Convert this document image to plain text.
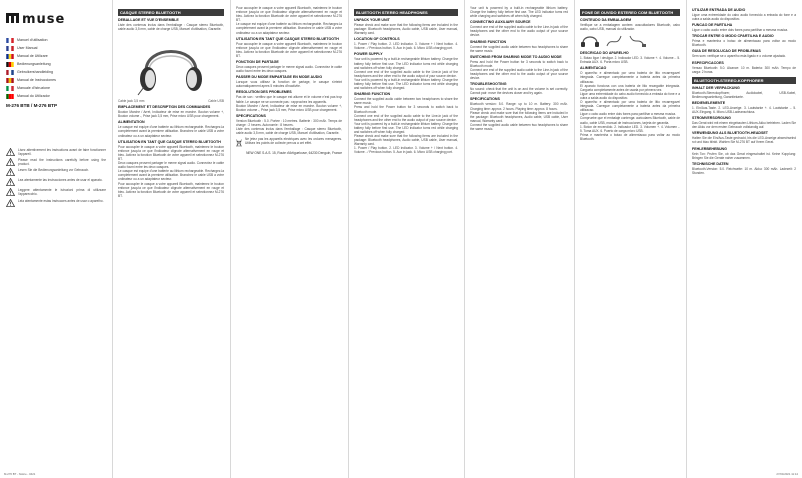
muse
Manuel d'utilisation
User Manual
Manual de Utilizare
Bedienungsanleitung
Gebruikershandleiding
Manual de Instrucciones
Manuale d'Istruzione
Manual do Utilizador
M-276 BTB / M-276 BTP
Lisez attentivement les instructions avant de faire fonctionner l'appareil.
Please read the instructions carefully before using the product.
Lesen Sie die Bedienungsanleitung vor Gebrauch.
Lea atentamente las instrucciones antes de usar el aparato.
Leggere attentamente le istruzioni prima di utilizzare l'apparecchio.
Leia atentamente estas instrucoes antes de usar o aparelho.
CASQUE STEREO BLUETOOTH
DEBALLAGE ET VUE D'ENSEMBLE
Liste des contenus inclus dans l'emballage : Casque stereo Bluetooth, cable audio 3,5 mm, cable de charge USB, Manuel d'utilisation, Garantie.
Cable jack 3,5 mm	Cable USB
EMPLACEMENT ET DESCRIPTION DES COMMANDES
Bouton Marche / Arret, Indicateur de mise en marche. Bouton volume +, Bouton volume -, Prise jack 3,5 mm, Prise micro USB pour chargement.
ALIMENTATION
Le casque est equipe d'une batterie au lithium rechargeable. Rechargez-la completement avant la premiere utilisation. Branchez le cable USB a votre ordinateur ou a un adaptateur secteur.
UTILISATION EN TANT QUE CASQUE STEREO BLUETOOTH
Pour accoupler le casque a votre appareil Bluetooth, maintenez le bouton enfonce jusqu'a ce que l'indicateur clignote alternativement en rouge et bleu. Activez la fonction Bluetooth de votre appareil et selectionnez M-276 BT.
Deux casques peuvent partager le meme signal audio. Connectez le cable audio fourni entre les deux casques.
Le casque est equipe d'une batterie au lithium rechargeable. Rechargez-la completement avant la premiere utilisation. Branchez le cable USB a votre ordinateur ou a un adaptateur secteur.
Pour accoupler le casque a votre appareil Bluetooth, maintenez le bouton enfonce jusqu'a ce que l'indicateur clignote alternativement en rouge et bleu. Activez la fonction Bluetooth de votre appareil et selectionnez M-276 BT.
Pour accoupler le casque a votre appareil Bluetooth, maintenez le bouton enfonce jusqu'a ce que l'indicateur clignote alternativement en rouge et bleu. Activez la fonction Bluetooth de votre appareil et selectionnez M-276 BT.
Le casque est equipe d'une batterie au lithium rechargeable. Rechargez-la completement avant la premiere utilisation. Branchez le cable USB a votre ordinateur ou a un adaptateur secteur.
UTILISATION EN TANT QUE CASQUE STEREO BLUETOOTH
Pour accoupler le casque a votre appareil Bluetooth, maintenez le bouton enfonce jusqu'a ce que l'indicateur clignote alternativement en rouge et bleu. Activez la fonction Bluetooth de votre appareil et selectionnez M-276 BT.
FONCTION DE PARTAGE
Deux casques peuvent partager le meme signal audio. Connectez le cable audio fourni entre les deux casques.
PASSER DU MODE EMPARTAGE EN MODE AUDIO
Lorsque vous utilisez la fonction de partage, le casque s'eteint automatiquement apres 5 minutes d'inactivite.
RESOLUTION DES PROBLEMES
Pas de son : verifiez que le casque est allume et le volume n'est pas trop faible. Le casque ne se connecte pas : rapprochez les appareils.
Bouton Marche / Arret, Indicateur de mise en marche. Bouton volume +, Bouton volume -, Prise jack 3,5 mm, Prise micro USB pour chargement.
SPECIFICATIONS
Version Bluetooth : 5.0. Portee : 10 metres. Batterie : 300 mAh. Temps de charge : 2 heures. Autonomie : 8 heures.
Liste des contenus inclus dans l'emballage : Casque stereo Bluetooth, cable audio 3,5 mm, cable de charge USB, Manuel d'utilisation, Garantie.
Ne jetez pas les appareils electriques avec les ordures menageres. Utilisez les points de collecte prevus a cet effet.
NEW ONE S.A.S. 15, Route d'Artiguelouve, 64230 Denguin, France
BLUETOOTH STEREO HEADPHONES
UNPACK YOUR UNIT
Please check and make sure that the following items are included in the package: Bluetooth headphones, Audio cable, USB cable, User manual, Warranty card.
LOCATION OF CONTROLS
1. Power / Play button. 2. LED indicator. 3. Volume + / Next button. 4. Volume - / Previous button. 5. Aux in jack. 6. Micro USB charging port.
POWER SUPPLY
Your unit is powered by a built-in rechargeable lithium battery. Charge the battery fully before first use. The LED indicator turns red while charging and switches off when fully charged.
Connect one end of the supplied audio cable to the Line-in jack of the headphones and the other end to the audio output of your source device.
Your unit is powered by a built-in rechargeable lithium battery. Charge the battery fully before first use. The LED indicator turns red while charging and switches off when fully charged.
SHARING FUNCTION
Connect the supplied audio cable between two headphones to share the same music.
Press and hold the Power button for 3 seconds to switch back to Bluetooth mode.
Connect one end of the supplied audio cable to the Line-in jack of the headphones and the other end to the audio output of your source device.
Your unit is powered by a built-in rechargeable lithium battery. Charge the battery fully before first use. The LED indicator turns red while charging and switches off when fully charged.
Please check and make sure that the following items are included in the package: Bluetooth headphones, Audio cable, USB cable, User manual, Warranty card.
1. Power / Play button. 2. LED indicator. 3. Volume + / Next button. 4. Volume - / Previous button. 5. Aux in jack. 6. Micro USB charging port.
Your unit is powered by a built-in rechargeable lithium battery. Charge the battery fully before first use. The LED indicator turns red while charging and switches off when fully charged.
CONNECTING AUXILIARY SOURCE
Connect one end of the supplied audio cable to the Line-in jack of the headphones and the other end to the audio output of your source device.
SHARING FUNCTION
Connect the supplied audio cable between two headphones to share the same music.
SWITCHING FROM SHARING MODE TO AUDIO MODE
Press and hold the Power button for 3 seconds to switch back to Bluetooth mode.
Connect one end of the supplied audio cable to the Line-in jack of the headphones and the other end to the audio output of your source device.
TROUBLESHOOTING
No sound: check that the unit is on and the volume is set correctly. Cannot pair: move the devices closer and try again.
SPECIFICATIONS
Bluetooth version: 5.0. Range: up to 10 m. Battery: 300 mAh. Charging time: approx. 2 hours. Playing time: approx. 8 hours.
Please check and make sure that the following items are included in the package: Bluetooth headphones, Audio cable, USB cable, User manual, Warranty card.
Connect the supplied audio cable between two headphones to share the same music.
FONE DE OUVIDO ESTEREO COM BLUETOOTH
CONTEUDO DA EMBALAGEM
Verifique se a embalagem contem: auscultadores Bluetooth, cabo audio, cabo USB, manual do utilizador.
DESCRICAO DO APARELHO
1. Botao ligar / desligar. 2. Indicador LED. 3. Volume +. 4. Volume -. 5. Entrada AUX. 6. Porta micro USB.
ALIMENTACAO
O aparelho e alimentado por uma bateria de litio recarregavel integrada. Carregue completamente a bateria antes da primeira utilizacao.
El aparato funciona con una bateria de litio recargable integrada. Carguela completamente antes de usarla por primera vez.
Ligue uma extremidade do cabo audio fornecido a entrada do fone e a outra a saida audio do dispositivo.
O aparelho e alimentado por uma bateria de litio recarregavel integrada. Carregue completamente a bateria antes da primeira utilizacao.
Ligue o cabo audio entre dois fones para partilhar a mesma musica.
Compruebe que el embalaje contenga: auriculares Bluetooth, cable de audio, cable USB, manual de instrucciones, tarjeta de garantia.
1. Boton de encendido. 2. Indicador LED. 3. Volumen +. 4. Volumen -. 5. Toma AUX. 6. Puerto de carga micro USB.
Prima e mantenha o botao de alimentacao para voltar ao modo Bluetooth.
UTILIZAR ENTRADA DE AUDIO
Ligue uma extremidade do cabo audio fornecido a entrada do fone e a outra a saida audio do dispositivo.
FUNCAO DE PARTILHA
Ligue o cabo audio entre dois fones para partilhar a mesma musica.
TROCAR ENTRE O MODO CPARTILHA E AUDIO
Prima e mantenha o botao de alimentacao para voltar ao modo Bluetooth.
GUIA DE RESOLUCAO DE PROBLEMAS
Sem som: verifique se o aparelho esta ligado e o volume ajustado.
ESPECIFICACOES
Versao Bluetooth: 5.0. Alcance: 10 m. Bateria: 300 mAh. Tempo de carga: 2 horas.
BLUETOOTH-STEREO-KOPFHORER
INHALT DER VERPACKUNG
Bluetooth-Stereokopfhorer, Audiokabel, USB-Kabel, Bedienungsanleitung, Garantiekarte.
BEDIENELEMENTE
1. Ein/Aus-Taste. 2. LED-Anzeige. 3. Lautstarke +. 4. Lautstarke -. 5. AUX-Eingang. 6. Micro-USB-Ladeanschluss.
STROMVERSORGUNG
Das Gerat wird mit einem eingebauten Lithium-Akku betrieben. Laden Sie den Akku vor dem ersten Gebrauch vollstandig auf.
VERWENDUNG ALS BLUETOOTH-HEADSET
Halten Sie die Ein/Aus-Taste gedruckt, bis die LED-Anzeige abwechselnd rot und blau blinkt. Wahlen Sie M-276 BT auf Ihrem Gerat.
FEHLERBEHEBUNG
Kein Ton: Prufen Sie, ob das Gerat eingeschaltet ist. Keine Kopplung: Bringen Sie die Gerate naher zusammen.
TECHNISCHE DATEN
Bluetooth-Version: 5.0. Reichweite: 10 m. Akku: 300 mAh. Ladezeit: 2 Stunden.
M-276 BT - Notice - 0421	27/04/2021 11:14
